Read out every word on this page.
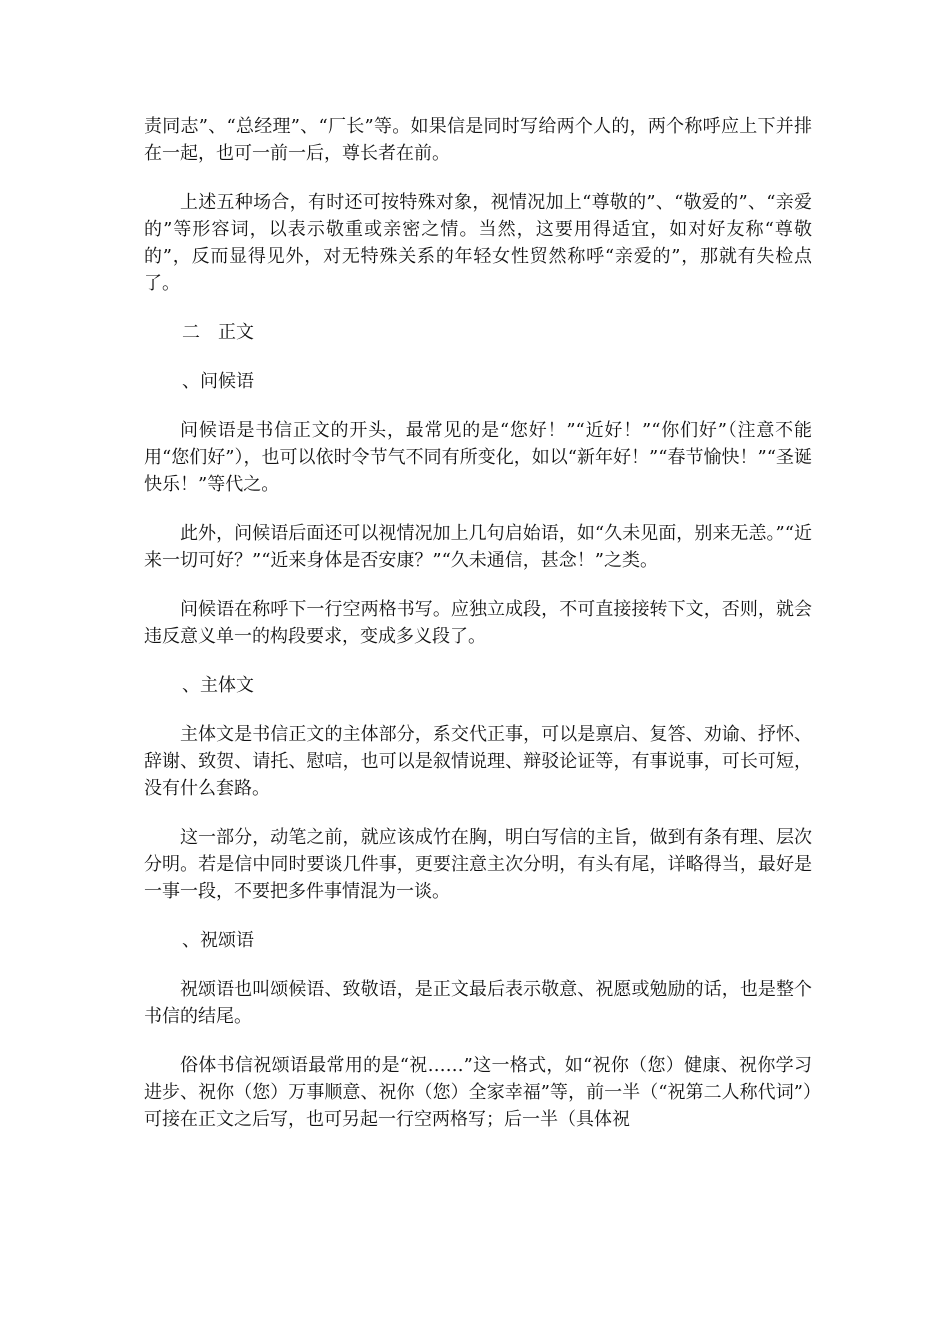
责同志”、“总经理”、“厂长”等。如果信是同时写给两个人的，两个称呼应上下并排在一起，也可一前一后，尊长者在前。

上述五种场合，有时还可按特殊对象，视情况加上“尊敬的”、“敬爱的”、“亲爱的”等形容词，以表示敬重或亲密之情。当然，这要用得适宜，如对好友称“尊敬的”，反而显得见外，对无特殊关系的年轻女性贸然称呼“亲爱的”，那就有失检点了。

二　正文

、问候语

问候语是书信正文的开头，最常见的是“您好！”“近好！”“你们好”（注意不能用“您们好”），也可以依时令节气不同有所变化，如以“新年好！”“春节愉快！”“圣诞快乐！”等代之。

此外，问候语后面还可以视情况加上几句启始语，如“久未见面，别来无恙。”“近来一切可好？”“近来身体是否安康？”“久未通信，甚念！”之类。

问候语在称呼下一行空两格书写。应独立成段，不可直接接转下文，否则，就会违反意义单一的构段要求，变成多义段了。

、主体文

主体文是书信正文的主体部分，系交代正事，可以是禀启、复答、劝谕、抒怀、辞谢、致贺、请托、慰唁，也可以是叙情说理、辩驳论证等，有事说事，可长可短，没有什么套路。

这一部分，动笔之前，就应该成竹在胸，明白写信的主旨，做到有条有理、层次分明。若是信中同时要谈几件事，更要注意主次分明，有头有尾，详略得当，最好是一事一段，不要把多件事情混为一谈。

、祝颂语

祝颂语也叫颂候语、致敬语，是正文最后表示敬意、祝愿或勉励的话，也是整个书信的结尾。

俗体书信祝颂语最常用的是“祝……”这一格式，如“祝你（您）健康、祝你学习进步、祝你（您）万事顺意、祝你（您）全家幸福”等，前一半（“祝第二人称代词”）可接在正文之后写，也可另起一行空两格写；后一半（具体祝
